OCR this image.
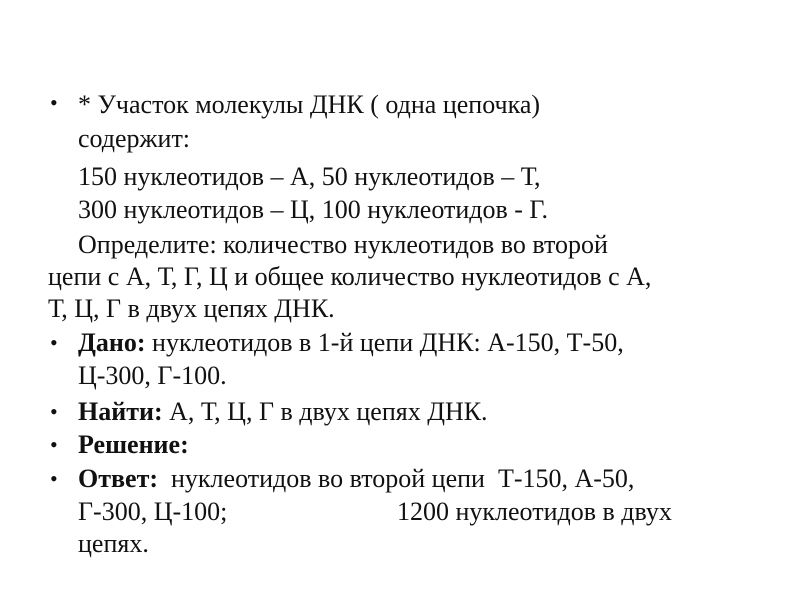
• * Участок молекулы ДНК ( одна цепочка)
содержит:
150 нуклеотидов – А, 50 нуклеотидов – Т,
300 нуклеотидов – Ц, 100 нуклеотидов - Г.
Определите: количество нуклеотидов во второй
цепи с А, Т, Г, Ц и общее количество нуклеотидов с А,
Т, Ц, Г в двух цепях ДНК.
• Дано: нуклеотидов в 1-й цепи ДНК: А-150, Т-50,
Ц-300, Г-100.
• Найти: А, Т, Ц, Г в двух цепях ДНК.
• Решение:
• Ответ:  нуклеотидов во второй цепи  Т-150, А-50,
Г-300, Ц-100;	1200 нуклеотидов в двух
цепях.
